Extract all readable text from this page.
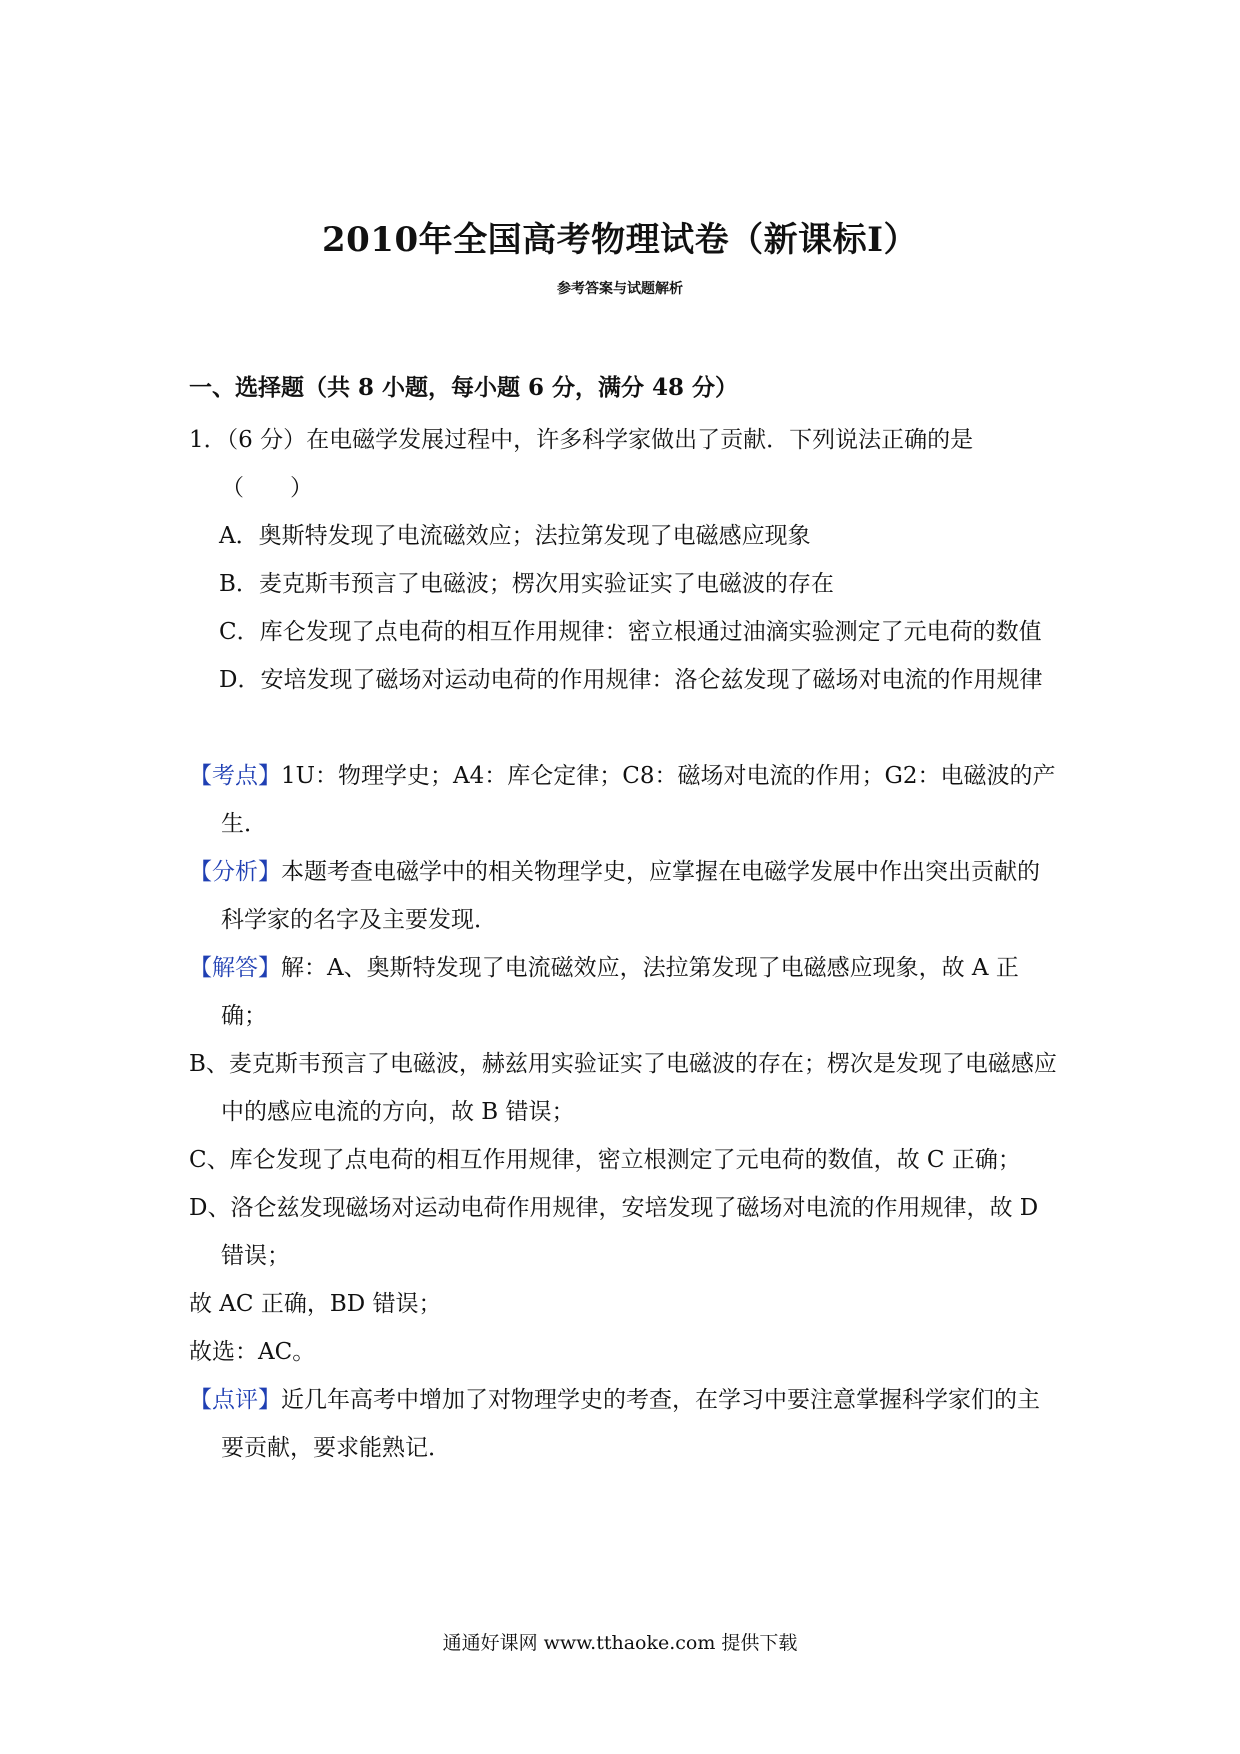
2010年全国高考物理试卷（新课标I）
参考答案与试题解析

一、选择题（共 8 小题，每小题 6 分，满分 48 分）

1．（6 分）在电磁学发展过程中，许多科学家做出了贡献．下列说法正确的是
（　　）

A．奥斯特发现了电流磁效应；法拉第发现了电磁感应现象

B．麦克斯韦预言了电磁波；楞次用实验证实了电磁波的存在

C．库仑发现了点电荷的相互作用规律：密立根通过油滴实验测定了元电荷的数值

D．安培发现了磁场对运动电荷的作用规律：洛仑兹发现了磁场对电流的作用规律

【考点】1U：物理学史；A4：库仑定律；C8：磁场对电流的作用；G2：电磁波的产生．

【分析】本题考查电磁学中的相关物理学史，应掌握在电磁学发展中作出突出贡献的科学家的名字及主要发现．

【解答】解：A、奥斯特发现了电流磁效应，法拉第发现了电磁感应现象，故 A 正确；

B、麦克斯韦预言了电磁波，赫兹用实验证实了电磁波的存在；楞次是发现了电磁感应中的感应电流的方向，故 B 错误；

C、库仑发现了点电荷的相互作用规律，密立根测定了元电荷的数值，故 C 正确；

D、洛仑兹发现磁场对运动电荷作用规律，安培发现了磁场对电流的作用规律，故 D 错误；

故 AC 正确，BD 错误；

故选：AC。

【点评】近几年高考中增加了对物理学史的考查，在学习中要注意掌握科学家们的主要贡献，要求能熟记．

通通好课网 www.tthaoke.com 提供下载
